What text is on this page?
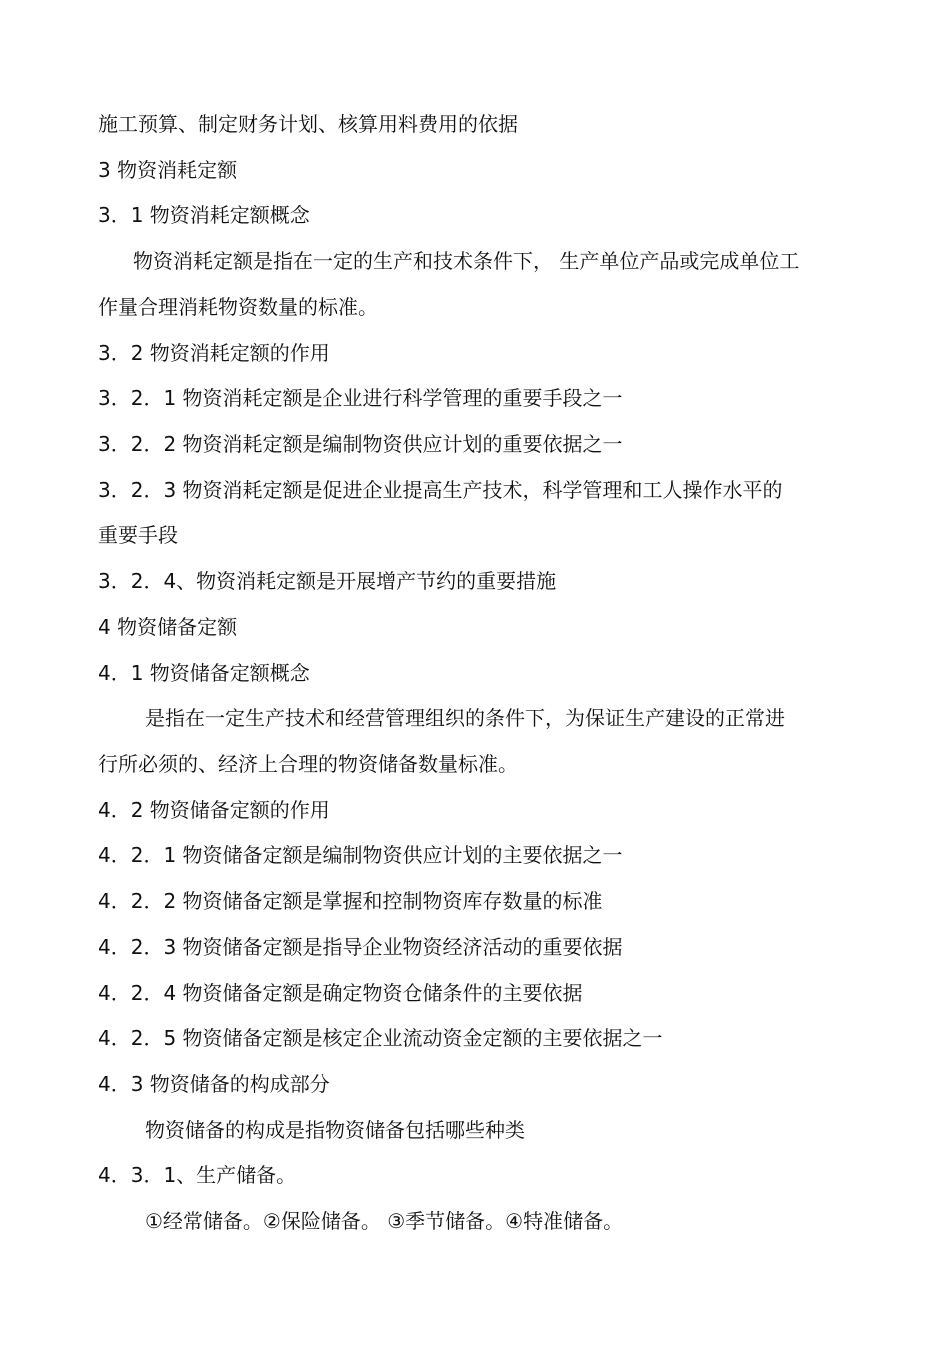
施工预算、制定财务计划、核算用料费用的依据
3 物资消耗定额
3．1 物资消耗定额概念
物资消耗定额是指在一定的生产和技术条件下， 生产单位产品或完成单位工
作量合理消耗物资数量的标准。
3．2 物资消耗定额的作用
3．2．1 物资消耗定额是企业进行科学管理的重要手段之一
3．2．2 物资消耗定额是编制物资供应计划的重要依据之一
3．2．3 物资消耗定额是促进企业提高生产技术，科学管理和工人操作水平的
重要手段
3．2．4、物资消耗定额是开展增产节约的重要措施
4 物资储备定额
4．1 物资储备定额概念
是指在一定生产技术和经营管理组织的条件下，为保证生产建设的正常进
行所必须的、经济上合理的物资储备数量标准。
4．2 物资储备定额的作用
4．2．1 物资储备定额是编制物资供应计划的主要依据之一
4．2．2 物资储备定额是掌握和控制物资库存数量的标准
4．2．3 物资储备定额是指导企业物资经济活动的重要依据
4．2．4 物资储备定额是确定物资仓储条件的主要依据
4．2．5 物资储备定额是核定企业流动资金定额的主要依据之一
4．3 物资储备的构成部分
物资储备的构成是指物资储备包括哪些种类
4．3．1、生产储备。
①经常储备。②保险储备。 ③季节储备。④特准储备。
